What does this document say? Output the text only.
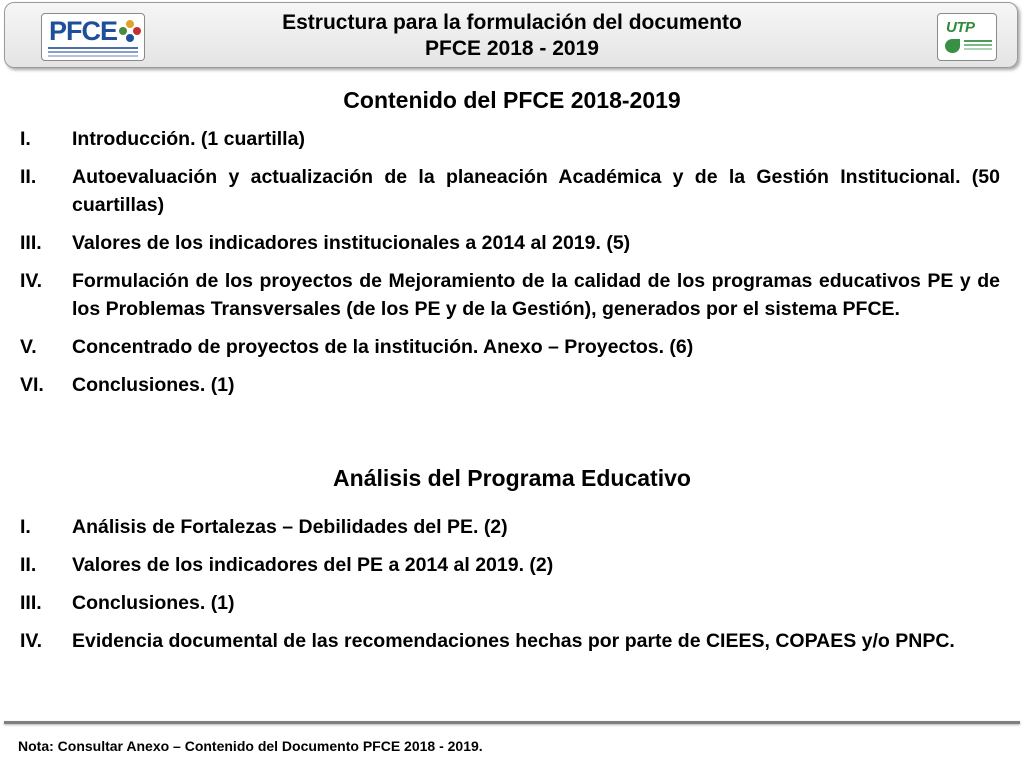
PFCE	Estructura para la formulación del documento
PFCE 2018 - 2019
UTP
Contenido del PFCE 2018-2019
I.	Introducción. (1 cuartilla)
II.	Autoevaluación y actualización de la planeación Académica y de la Gestión Institucional. (50 cuartillas)
III.	Valores de los indicadores institucionales a 2014 al 2019. (5)
IV.	Formulación de los proyectos de Mejoramiento de la calidad de los programas educativos PE y de los Problemas Transversales (de los PE y de la Gestión), generados por el sistema PFCE.
V.	Concentrado de proyectos de la institución. Anexo – Proyectos. (6)
VI.	Conclusiones. (1)
Análisis del Programa Educativo
I.	Análisis de Fortalezas – Debilidades del PE. (2)
II.	Valores de los indicadores del PE a 2014 al 2019. (2)
III.	Conclusiones. (1)
IV.	Evidencia documental de las recomendaciones hechas por parte de CIEES, COPAES y/o PNPC.
Nota: Consultar Anexo – Contenido del Documento PFCE 2018 - 2019.
